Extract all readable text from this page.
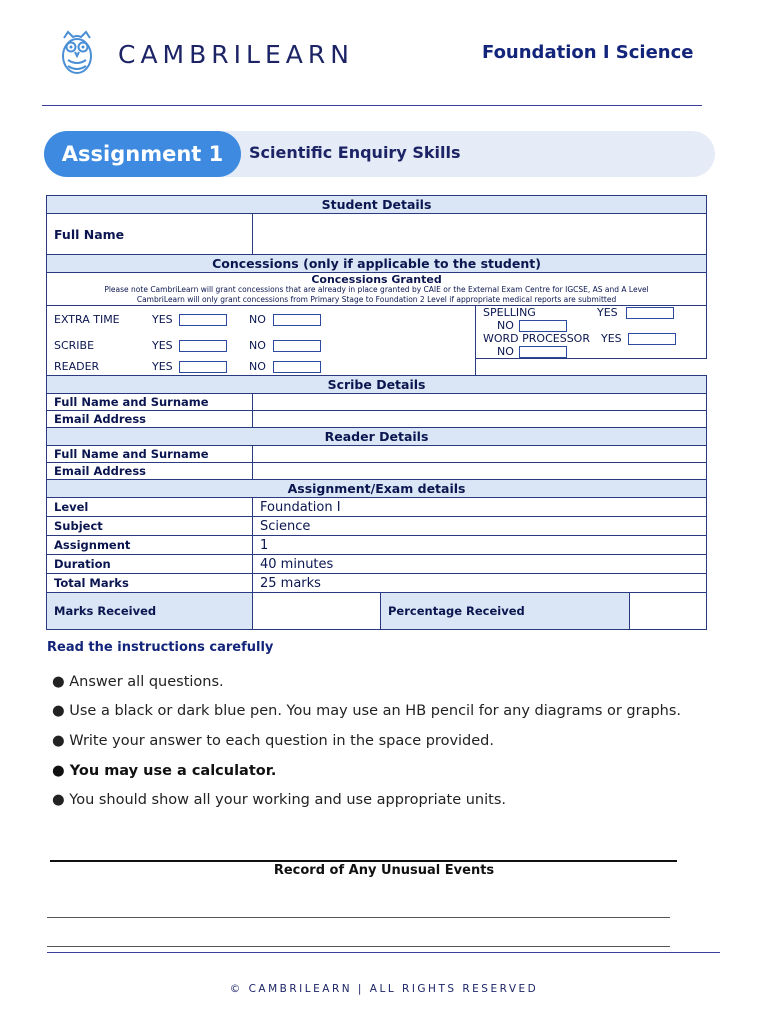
CAMBRILEARN	Foundation I Science
Assignment 1	Scientific Enquiry Skills
Student Details				
Full Name				
Concessions (only if applicable to the student)				

Concessions Granted
Please note CambriLearn will grant concessions that are already in place granted by CAIE or the External Exam Centre for IGCSE, AS and A Level
CambriLearn will only grant concessions from Primary Stage to Foundation 2 Level if appropriate medical reports are submitted				

EXTRA TIME YES NO			SPELLING YESNO	
SCRIBE YES NO			WORD PROCESSOR YESNO	
READER YES NO				
Scribe Details				
Full Name and Surname				
Email Address				
Reader Details				
Full Name and Surname				
Email Address				
Assignment/Exam details				
Level	Foundation I			
Subject	Science			
Assignment	1			
Duration	40 minutes			
Total Marks	25 marks			
Marks Received		Percentage Received		
Read the instructions carefully
● Answer all questions.
● Use a black or dark blue pen. You may use an HB pencil for any diagrams or graphs.
● Write your answer to each question in the space provided.
● You may use a calculator.
● You should show all your working and use appropriate units.
Record of Any Unusual Events
© CAMBRILEARN | ALL RIGHTS RESERVED
